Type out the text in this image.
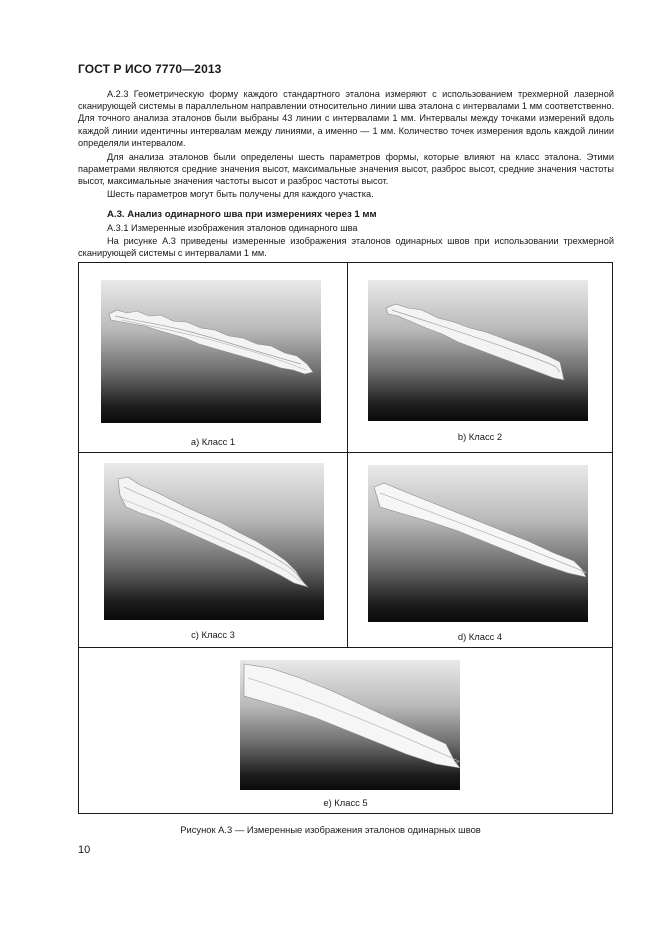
ГОСТ Р ИСО 7770—2013
A.2.3 Геометрическую форму каждого стандартного эталона измеряют с использованием трехмерной лазерной сканирующей системы в параллельном направлении относительно линии шва эталона с интервалами 1 мм соответственно. Для точного анализа эталонов были выбраны 43 линии с интервалами 1 мм. Интервалы между точками измерений вдоль каждой линии идентичны интервалам между линиями, а именно — 1 мм. Количество точек измерения вдоль каждой линии определяли интервалом.
Для анализа эталонов были определены шесть параметров формы, которые влияют на класс эталона. Этими параметрами являются средние значения высот, максимальные значения высот, разброс высот, средние значения частоты высот, максимальные значения частоты высот и разброс частоты высот.
Шесть параметров могут быть получены для каждого участка.
A.3. Анализ одинарного шва при измерениях через 1 мм
A.3.1 Измеренные изображения эталонов одинарного шва
На рисунке А.3 приведены измеренные изображения эталонов одинарных швов при использовании трехмерной сканирующей системы с интервалами 1 мм.
а) Класс 1	b) Класс 2
с) Класс 3	d) Класс 4
е) Класс 5
Рисунок А.3 — Измеренные изображения эталонов одинарных швов
10
